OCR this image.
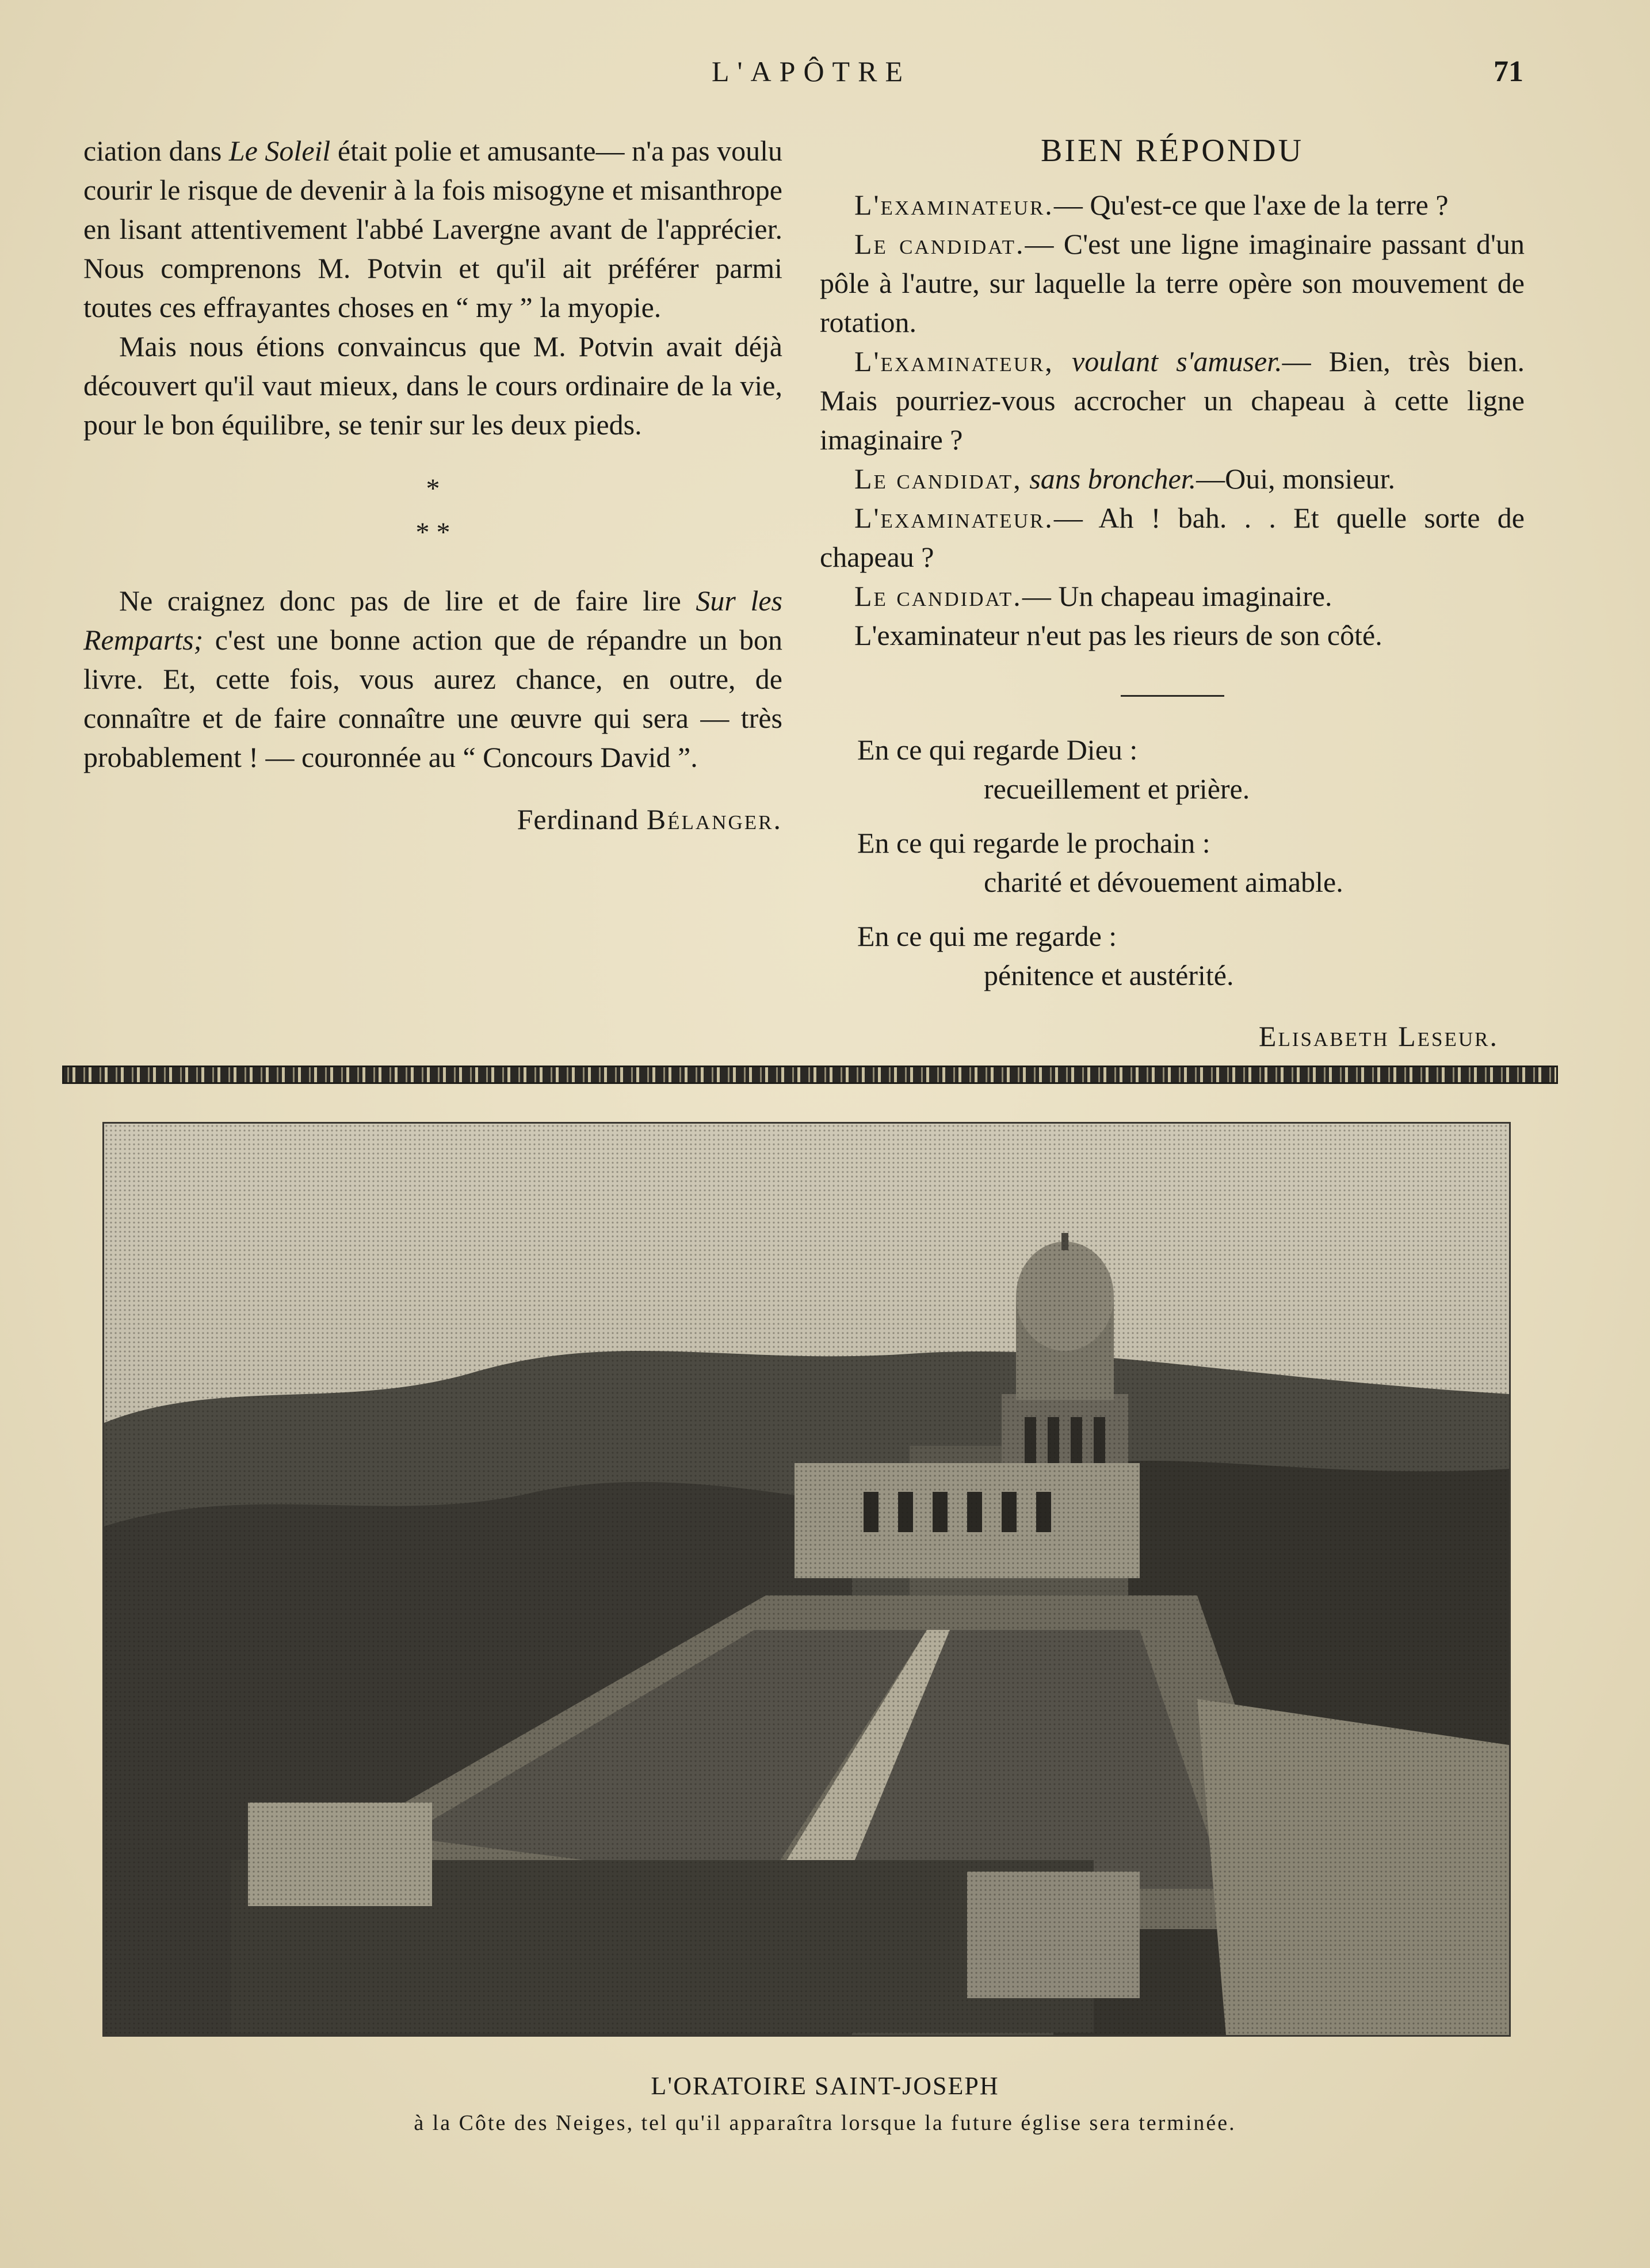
L'APÔTRE	71

ciation dans Le Soleil était polie et amusante— n'a pas voulu courir le risque de devenir à la fois misogyne et misanthrope en lisant attentivement l'abbé Lavergne avant de l'apprécier. Nous comprenons M. Potvin et qu'il ait préférer parmi toutes ces effrayantes choses en “ my ” la myopie.

Mais nous étions convaincus que M. Potvin avait déjà découvert qu'il vaut mieux, dans le cours ordinaire de la vie, pour le bon équilibre, se tenir sur les deux pieds.

*
* *

Ne craignez donc pas de lire et de faire lire Sur les Remparts; c'est une bonne action que de répandre un bon livre. Et, cette fois, vous aurez chance, en outre, de connaître et de faire connaître une œuvre qui sera — très probablement ! — couronnée au “ Concours David ”.

Ferdinand Bélanger.
BIEN RÉPONDU

L'examinateur.— Qu'est-ce que l'axe de la terre ?

Le candidat.— C'est une ligne imaginaire passant d'un pôle à l'autre, sur laquelle la terre opère son mouvement de rotation.

L'examinateur, voulant s'amuser.— Bien, très bien. Mais pourriez-vous accrocher un chapeau à cette ligne imaginaire ?

Le candidat, sans broncher.—Oui, monsieur.

L'examinateur.— Ah ! bah. . . Et quelle sorte de chapeau ?

Le candidat.— Un chapeau imaginaire.

L'examinateur n'eut pas les rieurs de son côté.

En ce qui regarde Dieu :

recueillement et prière.

En ce qui regarde le prochain :

charité et dévouement aimable.

En ce qui me regarde :

pénitence et austérité.

Elisabeth Leseur.
L'ORATOIRE SAINT-JOSEPH
à la Côte des Neiges, tel qu'il apparaîtra lorsque la future église sera terminée.
